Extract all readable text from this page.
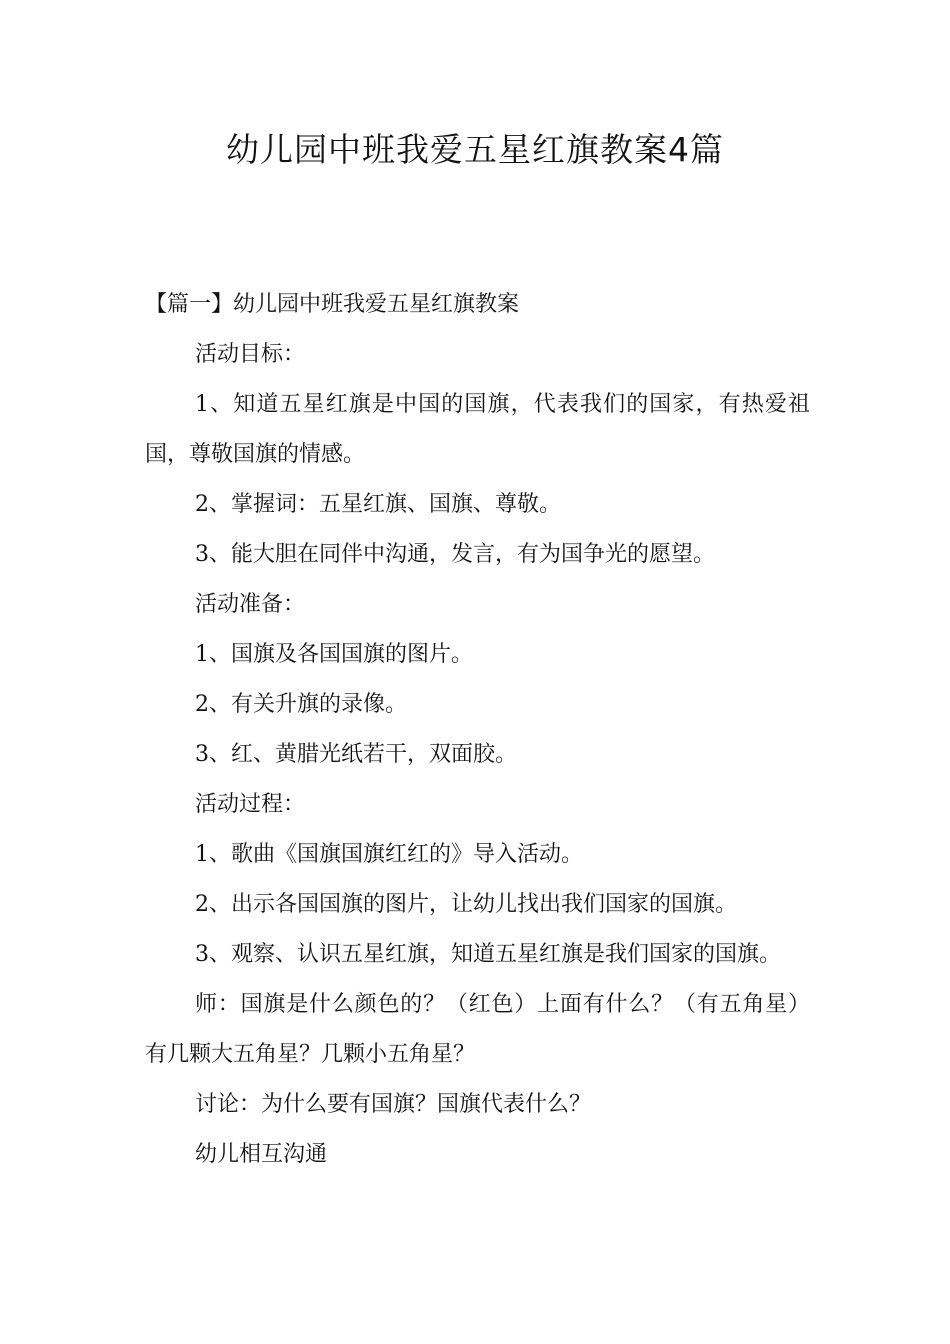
幼儿园中班我爱五星红旗教案4篇

【篇一】幼儿园中班我爱五星红旗教案

活动目标：

1、知道五星红旗是中国的国旗，代表我们的国家，有热爱祖国，尊敬国旗的情感。

2、掌握词：五星红旗、国旗、尊敬。

3、能大胆在同伴中沟通，发言，有为国争光的愿望。

活动准备：

1、国旗及各国国旗的图片。

2、有关升旗的录像。

3、红、黄腊光纸若干，双面胶。

活动过程：

1、歌曲《国旗国旗红红的》导入活动。

2、出示各国国旗的图片，让幼儿找出我们国家的国旗。

3、观察、认识五星红旗，知道五星红旗是我们国家的国旗。

师：国旗是什么颜色的？（红色）上面有什么？（有五角星）有几颗大五角星？几颗小五角星？

讨论：为什么要有国旗？国旗代表什么？

幼儿相互沟通
